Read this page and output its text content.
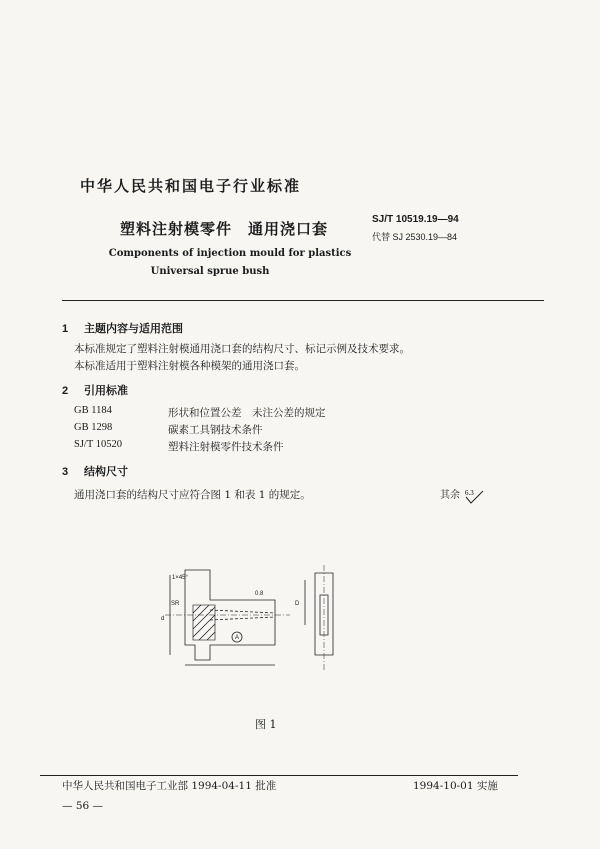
中华人民共和国电子行业标准
塑料注射模零件　通用浇口套
SJ/T 10519.19—94
代替 SJ 2530.19—84
Components of injection mould for plastics
Universal sprue bush
1 主题内容与适用范围
本标准规定了塑料注射模通用浇口套的结构尺寸、标记示例及技术要求。
本标准适用于塑料注射模各种模架的通用浇口套。
2 引用标准
GB 1184	形状和位置公差　未注公差的规定
GB 1298	碳素工具钢技术条件
SJ/T 10520	塑料注射模零件技术条件
3 结构尺寸
通用浇口套的结构尺寸应符合图 1 和表 1 的规定。	其余 6.3
1×45°
SR
d
D
A
0.8
图 1
中华人民共和国电子工业部 1994-04-11 批准	1994-10-01 实施
— 56 —
